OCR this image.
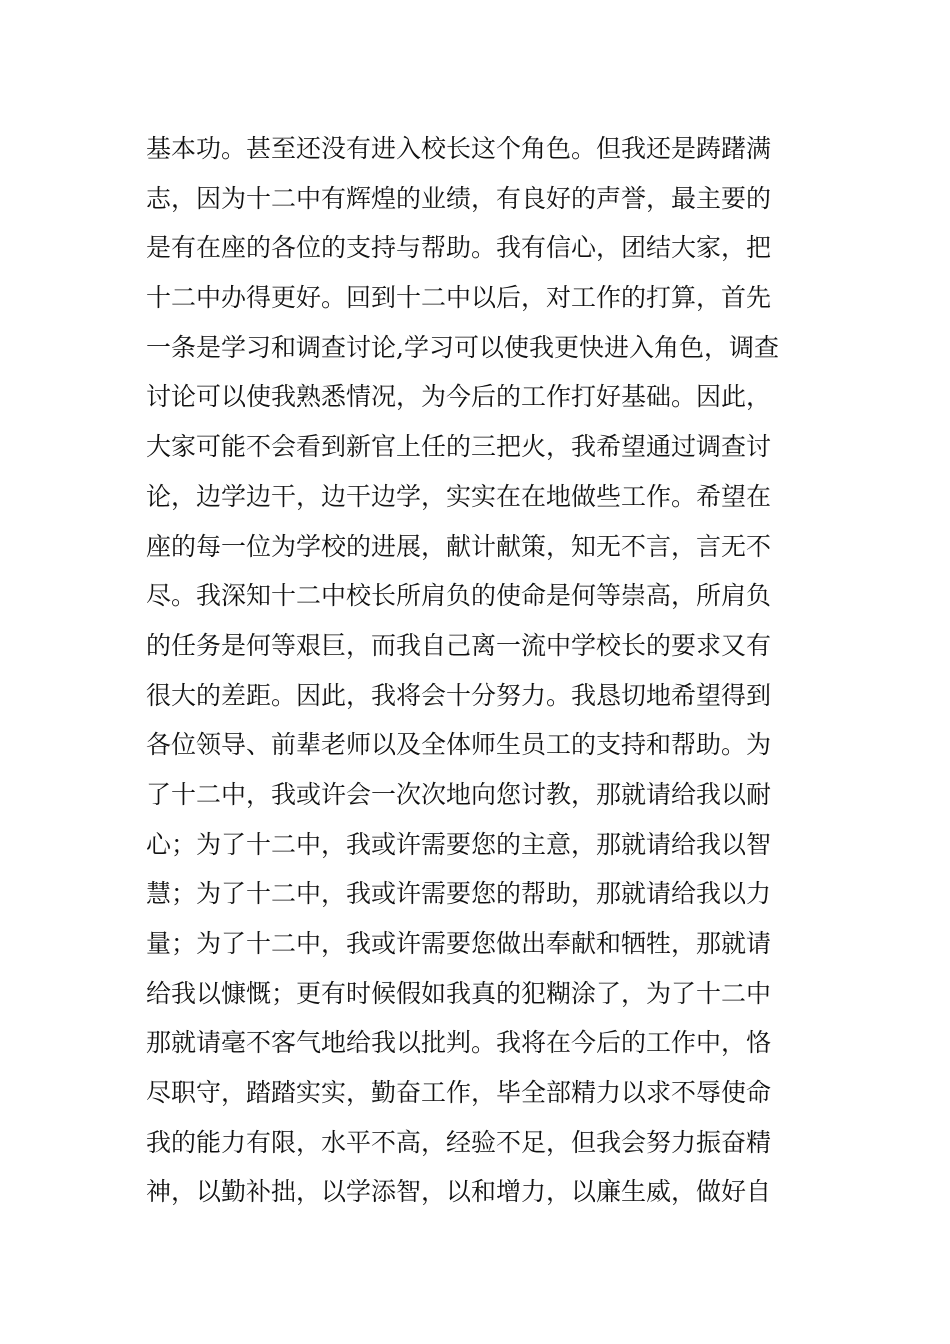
基本功。甚至还没有进入校长这个角色。但我还是踌躇满
志，因为十二中有辉煌的业绩，有良好的声誉，最主要的
是有在座的各位的支持与帮助。我有信心，团结大家，把
十二中办得更好。回到十二中以后，对工作的打算，首先
一条是学习和调查讨论,学习可以使我更快进入角色，调查
讨论可以使我熟悉情况，为今后的工作打好基础。因此，
大家可能不会看到新官上任的三把火，我希望通过调查讨
论，边学边干，边干边学，实实在在地做些工作。希望在
座的每一位为学校的进展，献计献策，知无不言，言无不
尽。我深知十二中校长所肩负的使命是何等崇高，所肩负
的任务是何等艰巨，而我自己离一流中学校长的要求又有
很大的差距。因此，我将会十分努力。我恳切地希望得到
各位领导、前辈老师以及全体师生员工的支持和帮助。为
了十二中，我或许会一次次地向您讨教，那就请给我以耐
心；为了十二中，我或许需要您的主意，那就请给我以智
慧；为了十二中，我或许需要您的帮助，那就请给我以力
量；为了十二中，我或许需要您做出奉献和牺牲，那就请
给我以慷慨；更有时候假如我真的犯糊涂了，为了十二中
那就请毫不客气地给我以批判。我将在今后的工作中，恪
尽职守，踏踏实实，勤奋工作，毕全部精力以求不辱使命
我的能力有限，水平不高，经验不足，但我会努力振奋精
神，以勤补拙，以学添智，以和增力，以廉生威，做好自
